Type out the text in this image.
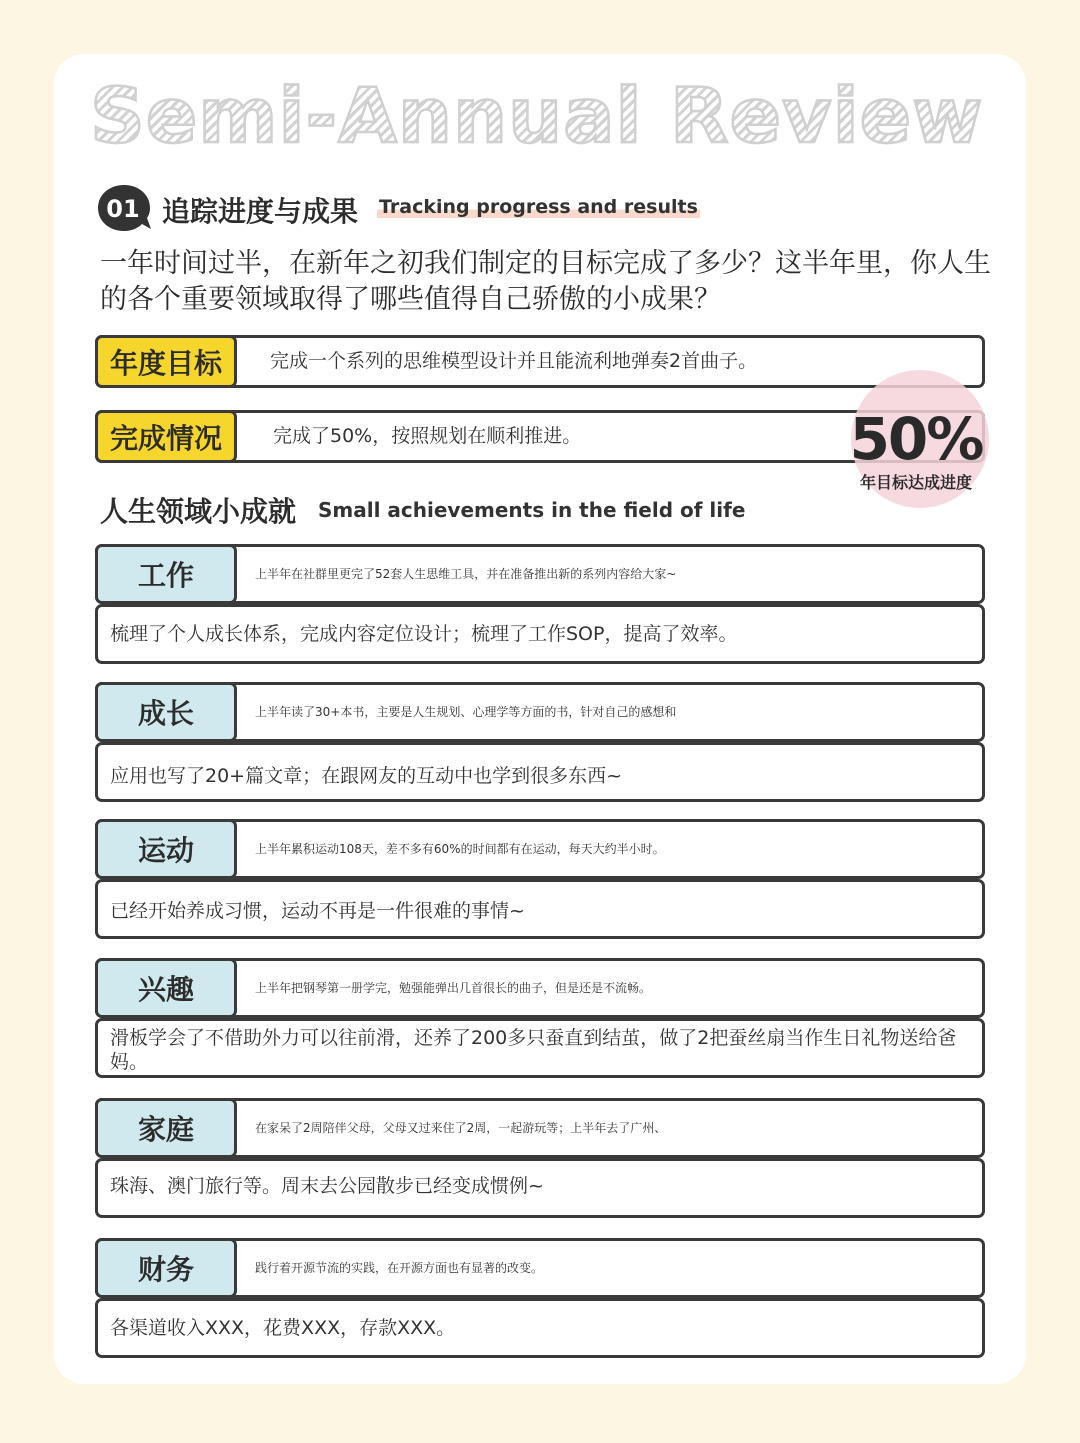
Semi-Annual Review
01 追踪进度与成果 Tracking progress and results
一年时间过半，在新年之初我们制定的目标完成了多少？这半年里，你人生的各个重要领域取得了哪些值得自己骄傲的小成果？
年度目标	完成一个系列的思维模型设计并且能流利地弹奏2首曲子。
完成情况	完成了50%，按照规划在顺利推进。	50%
年目标达成进度
人生领域小成就 Small achievements in the field of life
工作	上半年在社群里更完了52套人生思维工具，并在准备推出新的系列内容给大家~
梳理了个人成长体系，完成内容定位设计；梳理了工作SOP，提高了效率。
成长	上半年读了30+本书，主要是人生规划、心理学等方面的书，针对自己的感想和
应用也写了20+篇文章；在跟网友的互动中也学到很多东西~
运动	上半年累积运动108天，差不多有60%的时间都有在运动，每天大约半小时。
已经开始养成习惯，运动不再是一件很难的事情~
兴趣	上半年把钢琴第一册学完，勉强能弹出几首很长的曲子，但是还是不流畅。
滑板学会了不借助外力可以往前滑，还养了200多只蚕直到结茧，做了2把蚕丝扇当作生日礼物送给爸妈。
家庭	在家呆了2周陪伴父母，父母又过来住了2周，一起游玩等；上半年去了广州、
珠海、澳门旅行等。周末去公园散步已经变成惯例~
财务	践行着开源节流的实践，在开源方面也有显著的改变。
各渠道收入XXX，花费XXX，存款XXX。
